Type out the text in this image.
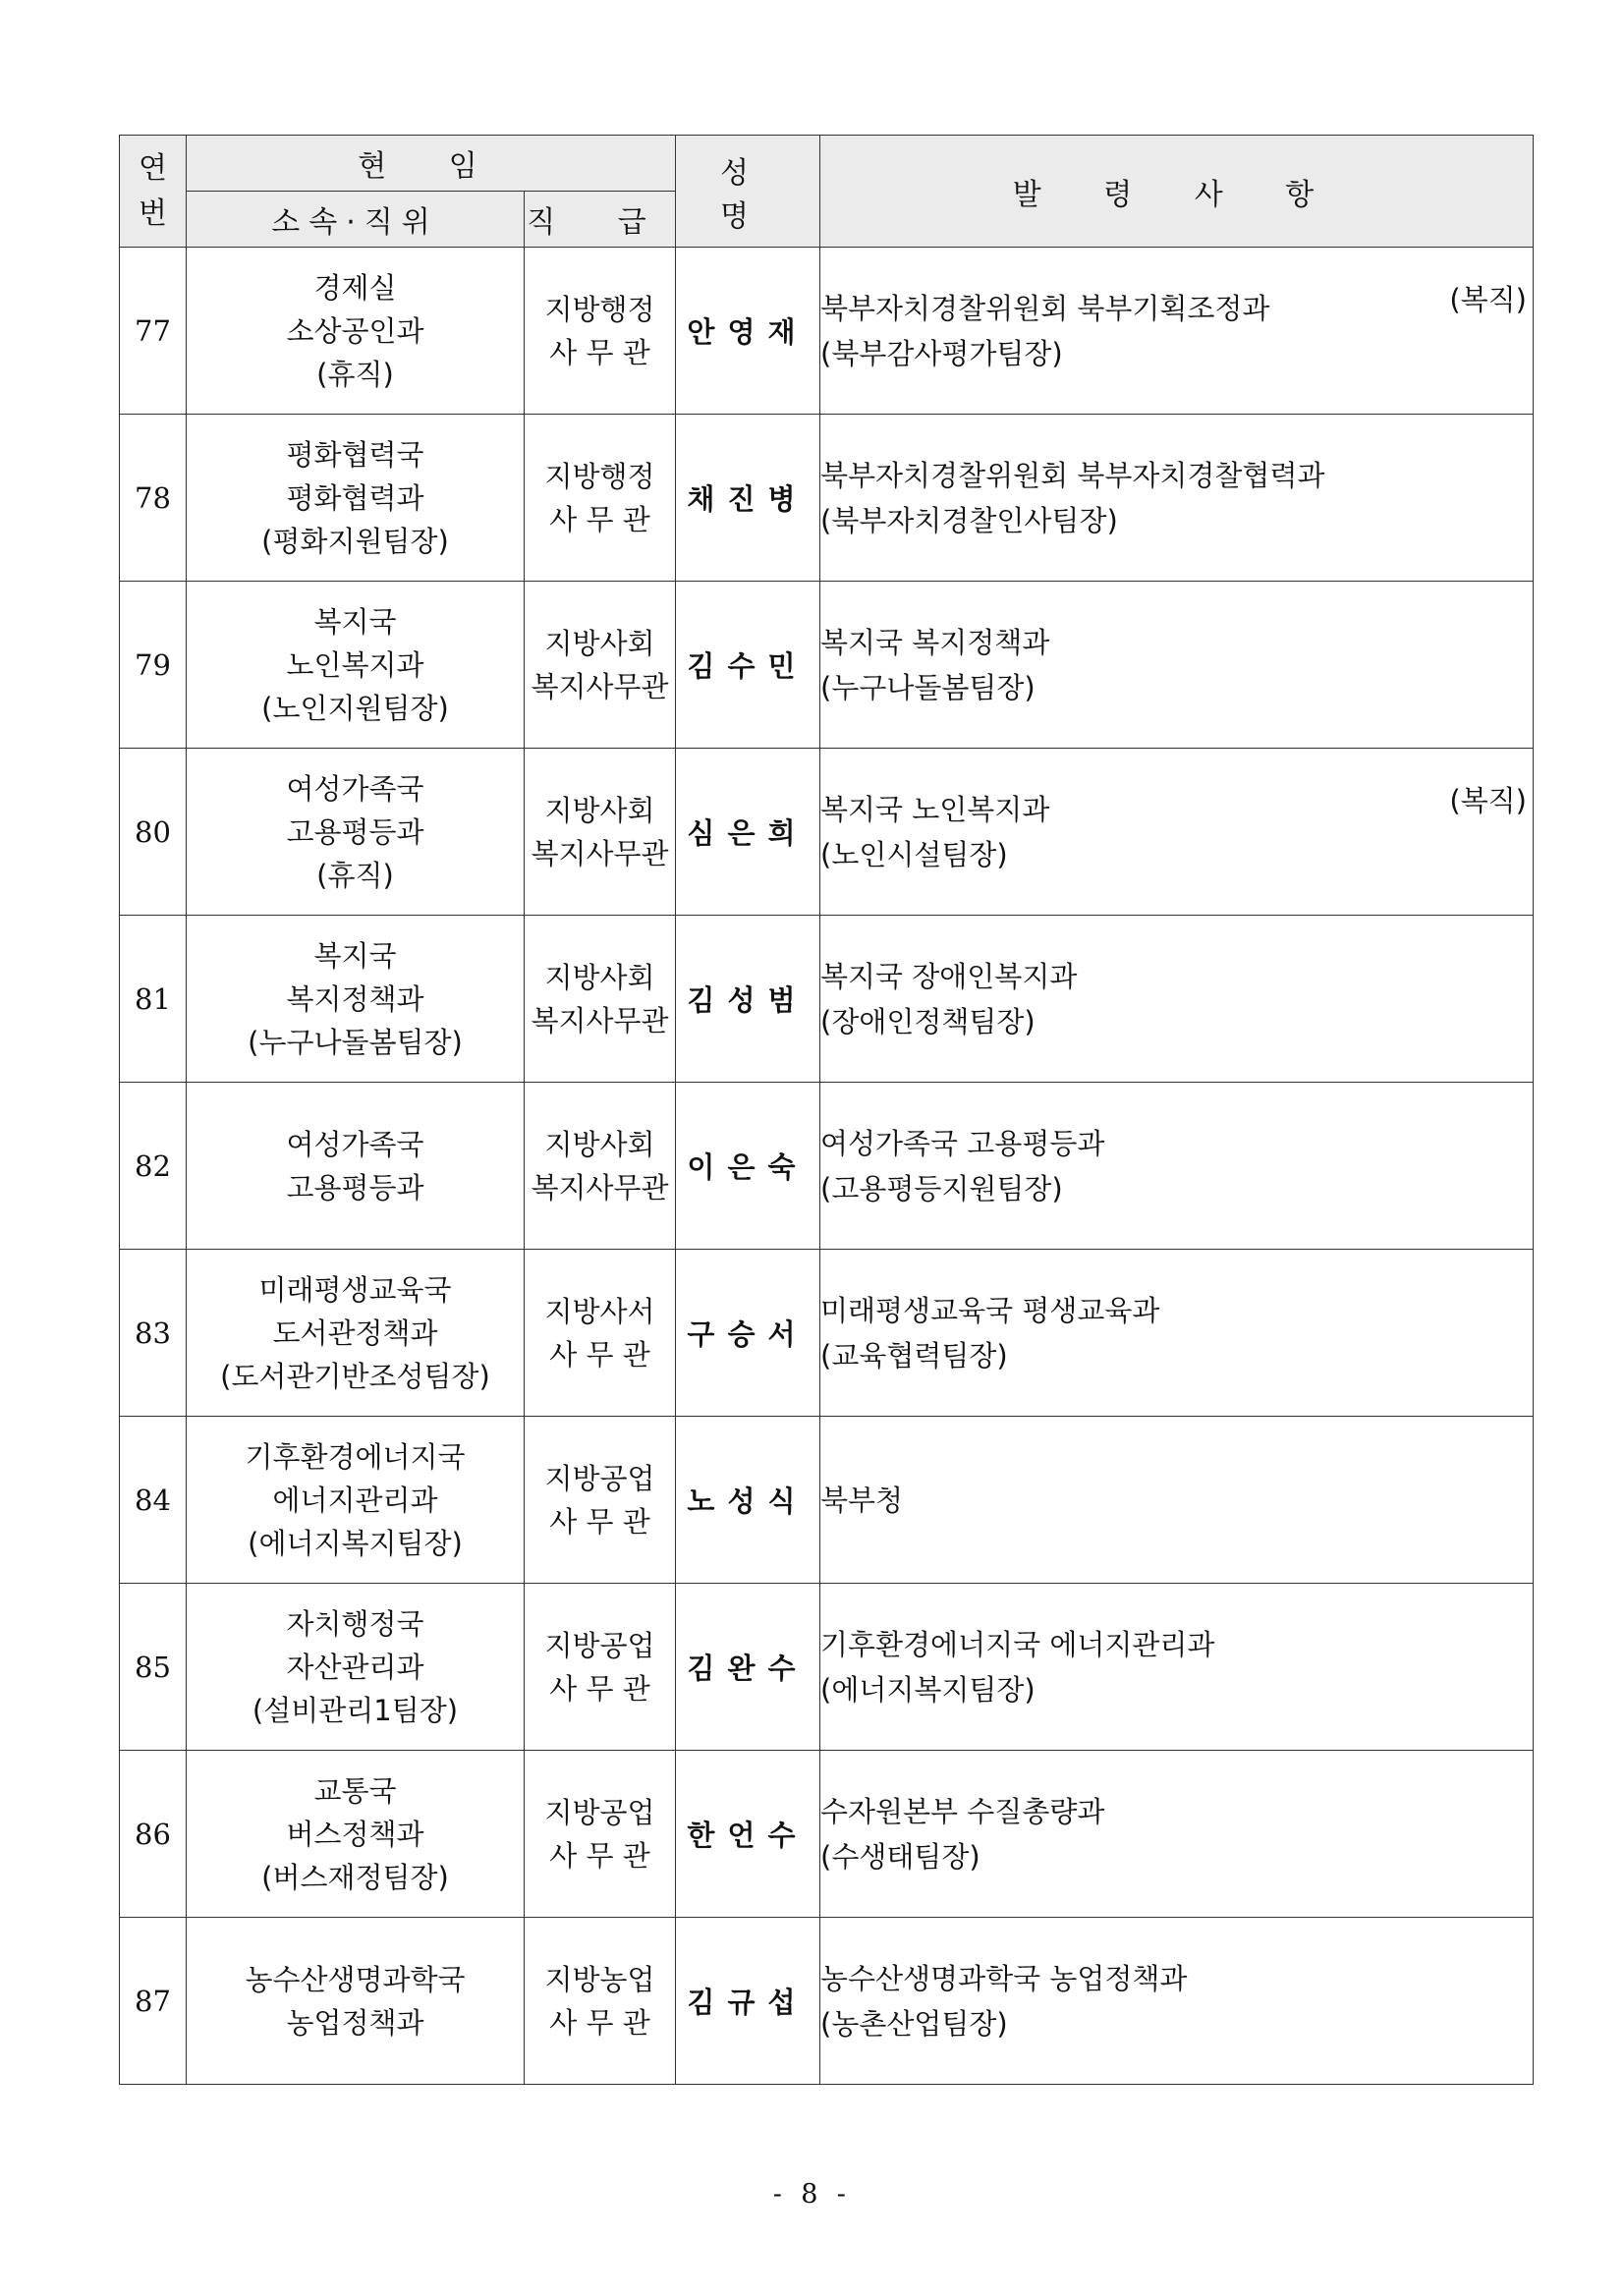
연
번	현 임		성 명	발 령 사 항
	소속·직위	직 급		
77	경제실
소상공인과
(휴직)	지방행정
사 무 관	안영재	북부자치경찰위원회 북부기획조정과
(북부감사평가팀장)
(복직)

78	평화협력국
평화협력과
(평화지원팀장)	지방행정
사 무 관	채진병	북부자치경찰위원회 북부자치경찰협력과
(북부자치경찰인사팀장)

79	복지국
노인복지과
(노인지원팀장)	지방사회
복지사무관	김수민	복지국 복지정책과
(누구나돌봄팀장)

80	여성가족국
고용평등과
(휴직)	지방사회
복지사무관	심은희	복지국 노인복지과
(노인시설팀장)
(복직)

81	복지국
복지정책과
(누구나돌봄팀장)	지방사회
복지사무관	김성범	복지국 장애인복지과
(장애인정책팀장)

82	여성가족국
고용평등과	지방사회
복지사무관	이은숙	여성가족국 고용평등과
(고용평등지원팀장)

83	미래평생교육국
도서관정책과
(도서관기반조성팀장)	지방사서
사 무 관	구승서	미래평생교육국 평생교육과
(교육협력팀장)

84	기후환경에너지국
에너지관리과
(에너지복지팀장)	지방공업
사 무 관	노성식	북부청

85	자치행정국
자산관리과
(설비관리1팀장)	지방공업
사 무 관	김완수	기후환경에너지국 에너지관리과
(에너지복지팀장)

86	교통국
버스정책과
(버스재정팀장)	지방공업
사 무 관	한언수	수자원본부 수질총량과
(수생태팀장)

87	농수산생명과학국
농업정책과	지방농업
사 무 관	김규섭	농수산생명과학국 농업정책과
(농촌산업팀장)
- 8 -
